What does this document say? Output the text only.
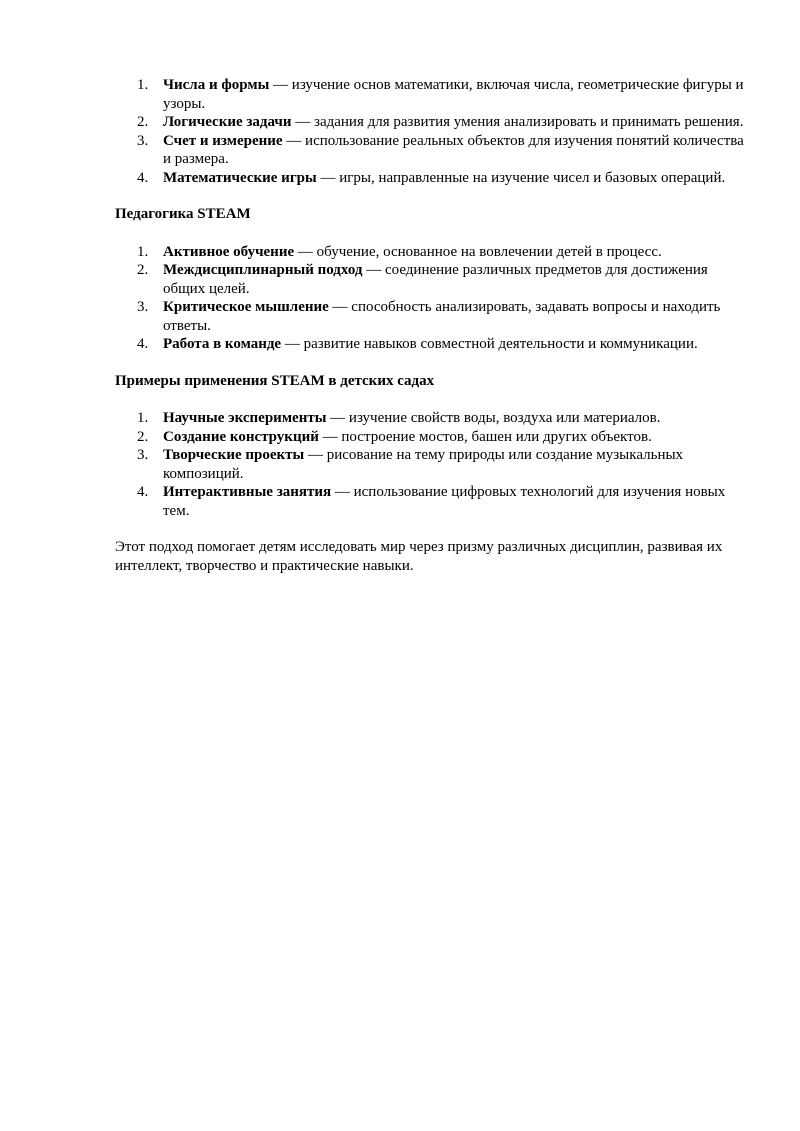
1. Числа и формы — изучение основ математики, включая числа, геометрические фигуры и узоры.
2. Логические задачи — задания для развития умения анализировать и принимать решения.
3. Счет и измерение — использование реальных объектов для изучения понятий количества и размера.
4. Математические игры — игры, направленные на изучение чисел и базовых операций.
Педагогика STEAM
1. Активное обучение — обучение, основанное на вовлечении детей в процесс.
2. Междисциплинарный подход — соединение различных предметов для достижения общих целей.
3. Критическое мышление — способность анализировать, задавать вопросы и находить ответы.
4. Работа в команде — развитие навыков совместной деятельности и коммуникации.
Примеры применения STEAM в детских садах
1. Научные эксперименты — изучение свойств воды, воздуха или материалов.
2. Создание конструкций — построение мостов, башен или других объектов.
3. Творческие проекты — рисование на тему природы или создание музыкальных композиций.
4. Интерактивные занятия — использование цифровых технологий для изучения новых тем.

Этот подход помогает детям исследовать мир через призму различных дисциплин, развивая их интеллект, творчество и практические навыки.
